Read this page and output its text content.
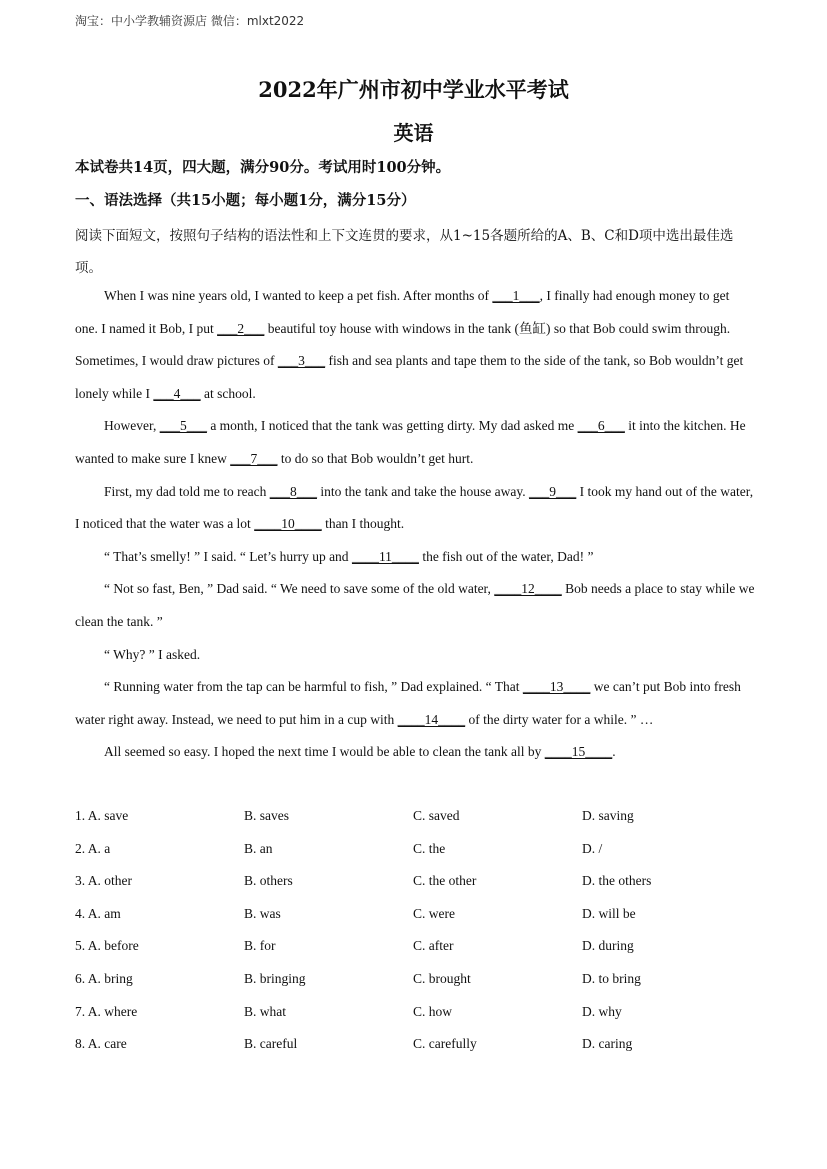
淘宝：中小学教辅资源店 微信：mlxt2022
2022年广州市初中学业水平考试
英语
本试卷共14页，四大题，满分90分。考试用时100分钟。
一、语法选择（共15小题；每小题1分，满分15分）
阅读下面短文，按照句子结构的语法性和上下文连贯的要求，从1~15各题所给的A、B、C和D项中选出最佳选项。

When I was nine years old, I wanted to keep a pet fish. After months of ___1___, I finally had enough money to get one. I named it Bob, I put ___2___ beautiful toy house with windows in the tank (鱼缸) so that Bob could swim through. Sometimes, I would draw pictures of ___3___ fish and sea plants and tape them to the side of the tank, so Bob wouldn’t get lonely while I ___4___ at school.

However, ___5___ a month, I noticed that the tank was getting dirty. My dad asked me ___6___ it into the kitchen. He wanted to make sure I knew ___7___ to do so that Bob wouldn’t get hurt.

First, my dad told me to reach ___8___ into the tank and take the house away. ___9___ I took my hand out of the water, I noticed that the water was a lot ____10____ than I thought.

“ That’s smelly! ” I said. “ Let’s hurry up and ____11____ the fish out of the water, Dad! ”

“ Not so fast, Ben, ” Dad said. “ We need to save some of the old water, ____12____ Bob needs a place to stay while we clean the tank. ”

“ Why? ” I asked.

“ Running water from the tap can be harmful to fish, ” Dad explained. “ That ____13____ we can’t put Bob into fresh water right away. Instead, we need to put him in a cup with ____14____ of the dirty water for a while. ” …

All seemed so easy. I hoped the next time I would be able to clean the tank all by ____15____.

1. A. save	B. saves	C. saved	D. saving
2. A. a	B. an	C. the	D. /
3. A. other	B. others	C. the other	D. the others
4. A. am	B. was	C. were	D. will be
5. A. before	B. for	C. after	D. during
6. A. bring	B. bringing	C. brought	D. to bring
7. A. where	B. what	C. how	D. why
8. A. care	B. careful	C. carefully	D. caring
